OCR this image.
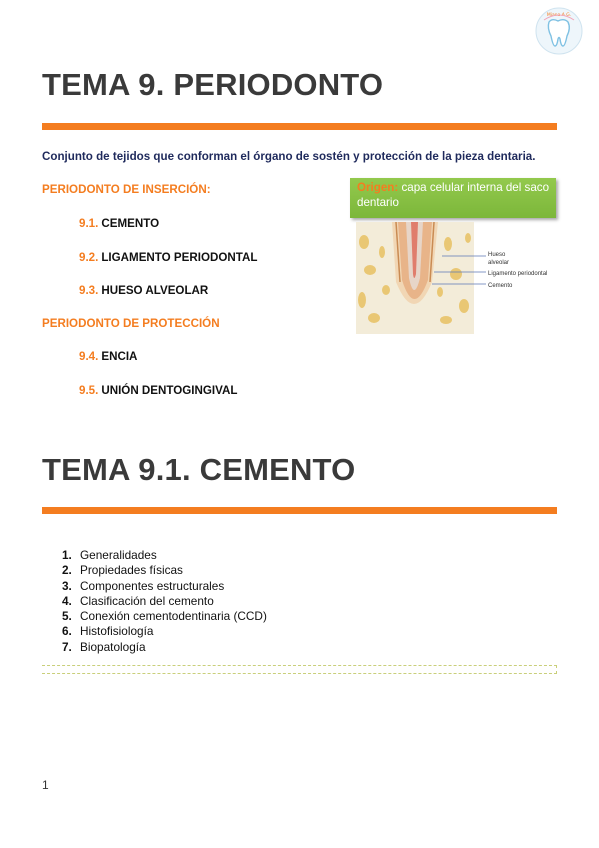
Miana A.G.
TEMA 9. PERIODONTO
Conjunto de tejidos que conforman el órgano de sostén y protección de la pieza dentaria.
PERIODONTO DE INSERCIÓN:
9.1. CEMENTO
9.2. LIGAMENTO PERIODONTAL
9.3. HUESO ALVEOLAR
PERIODONTO DE PROTECCIÓN
9.4. ENCIA
9.5. UNIÓN DENTOGINGIVAL
Origen: capa celular interna del saco dentario
Hueso
alveolar
Ligamento periodontal
Cemento
TEMA 9.1. CEMENTO
1. Generalidades
2. Propiedades físicas
3. Componentes estructurales
4. Clasificación del cemento
5. Conexión cementodentinaria (CCD)
6. Histofisiología
7. Biopatología
1
